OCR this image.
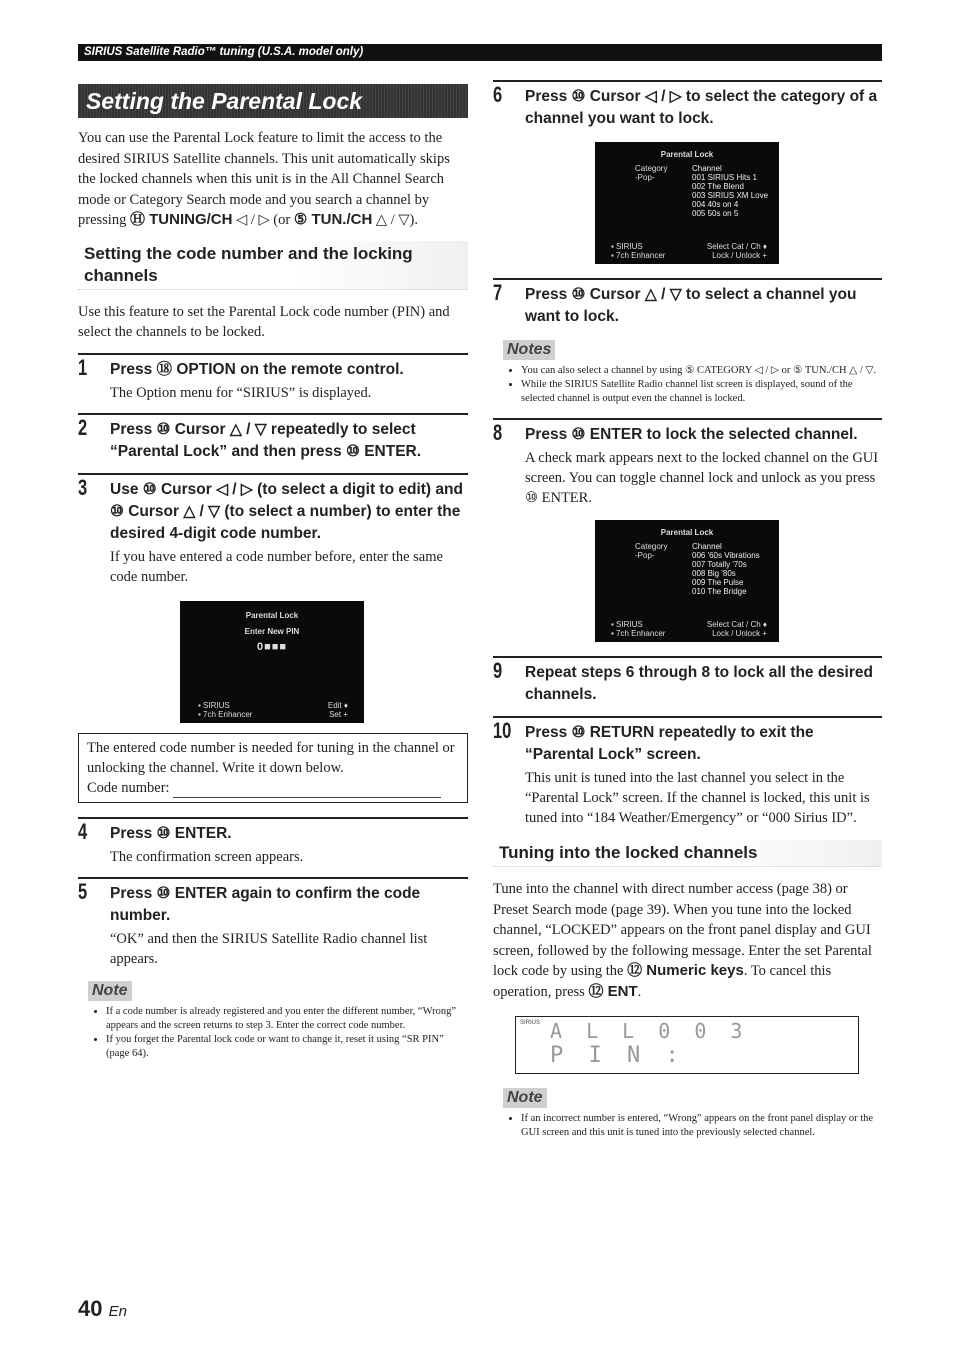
SIRIUS Satellite Radio™ tuning (U.S.A. model only)
Setting the Parental Lock

You can use the Parental Lock feature to limit the access to the desired SIRIUS Satellite channels. This unit automatically skips the locked channels when this unit is in the All Channel Search mode or Category Search mode and you search a channel by pressing Ⓗ TUNING/CH ◁ / ▷ (or ⑤ TUN./CH △ / ▽).

Setting the code number and the locking channels

Use this feature to set the Parental Lock code number (PIN) and select the channels to be locked.

1 Press ⑱ OPTION on the remote control.
The Option menu for “SIRIUS” is displayed.
2 Press ⑩ Cursor △ / ▽ repeatedly to select “Parental Lock” and then press ⑩ ENTER.
3 Use ⑩ Cursor ◁ / ▷ (to select a digit to edit) and ⑩ Cursor △ / ▽ (to select a number) to enter the desired 4-digit code number.
If you have entered a code number before, enter the same code number.
Parental Lock
Enter New PIN
0■■■
▪ SIRIUS
▪ 7ch Enhancer
Edit ♦
Set +
The entered code number is needed for tuning in the channel or unlocking the channel. Write it down below.
Code number:
4 Press ⑩ ENTER.
The confirmation screen appears.
5 Press ⑩ ENTER again to confirm the code number.
“OK” and then the SIRIUS Satellite Radio channel list appears.
Note
• If a code number is already registered and you enter the different number, “Wrong” appears and the screen returns to step 3. Enter the correct code number.
• If you forget the Parental lock code or want to change it, reset it using “SR PIN” (page 64).
6 Press ⑩ Cursor ◁ / ▷ to select the category of a channel you want to lock.
Parental Lock
Category
-Pop-
Channel
001 SIRIUS Hits 1
002 The Blend
003 SIRIUS XM Love
004 40s on 4
005 50s on 5
▪ SIRIUS
▪ 7ch Enhancer
Select Cat / Ch ♦
Lock / Unlock +
7 Press ⑩ Cursor △ / ▽ to select a channel you want to lock.
Notes
• You can also select a channel by using ⑤ CATEGORY ◁ / ▷ or ⑤ TUN./CH △ / ▽.
• While the SIRIUS Satellite Radio channel list screen is displayed, sound of the selected channel is output even the channel is locked.
8 Press ⑩ ENTER to lock the selected channel.
A check mark appears next to the locked channel on the GUI screen. You can toggle channel lock and unlock as you press ⑩ ENTER.
Parental Lock
Category
-Pop-
Channel
006 '60s Vibrations
007 Totally '70s
008 Big '80s
009 The Pulse
010 The Bridge
▪ SIRIUS
▪ 7ch Enhancer
Select Cat / Ch ♦
Lock / Unlock +
9 Repeat steps 6 through 8 to lock all the desired channels.
10 Press ⑩ RETURN repeatedly to exit the “Parental Lock” screen.
This unit is tuned into the last channel you select in the “Parental Lock” screen. If the channel is locked, this unit is tuned into “184 Weather/Emergency” or “000 Sirius ID”.
Tuning into the locked channels

Tune into the channel with direct number access (page 38) or Preset Search mode (page 39). When you tune into the locked channel, “LOCKED” appears on the front panel display and GUI screen, followed by the following message. Enter the set Parental lock code by using the ⑫ Numeric keys. To cancel this operation, press ⑫ ENT.

SIRIUS A L L 0 0 3
P I N :
Note
• If an incorrect number is entered, “Wrong” appears on the front panel display or the GUI screen and this unit is tuned into the previously selected channel.
40 En
